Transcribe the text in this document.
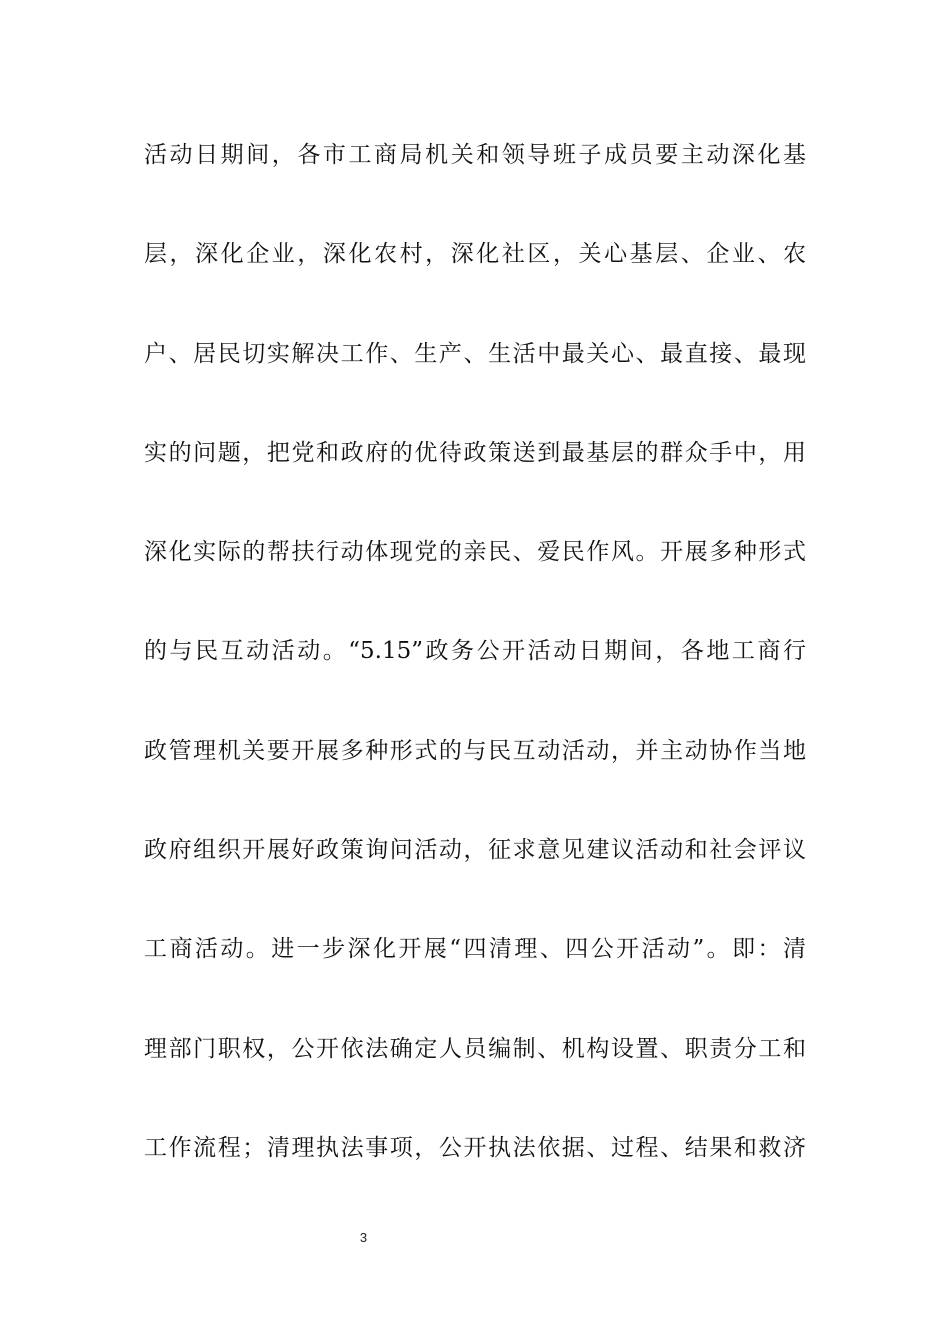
活动日期间，各市工商局机关和领导班子成员要主动深化基
层，深化企业，深化农村，深化社区，关心基层、企业、农
户、居民切实解决工作、生产、生活中最关心、最直接、最现
实的问题，把党和政府的优待政策送到最基层的群众手中，用
深化实际的帮扶行动体现党的亲民、爱民作风。开展多种形式
的与民互动活动。“5.15”政务公开活动日期间，各地工商行
政管理机关要开展多种形式的与民互动活动，并主动协作当地
政府组织开展好政策询问活动，征求意见建议活动和社会评议
工商活动。进一步深化开展“四清理、四公开活动”。即：清
理部门职权，公开依法确定人员编制、机构设置、职责分工和
工作流程；清理执法事项，公开执法依据、过程、结果和救济
3
